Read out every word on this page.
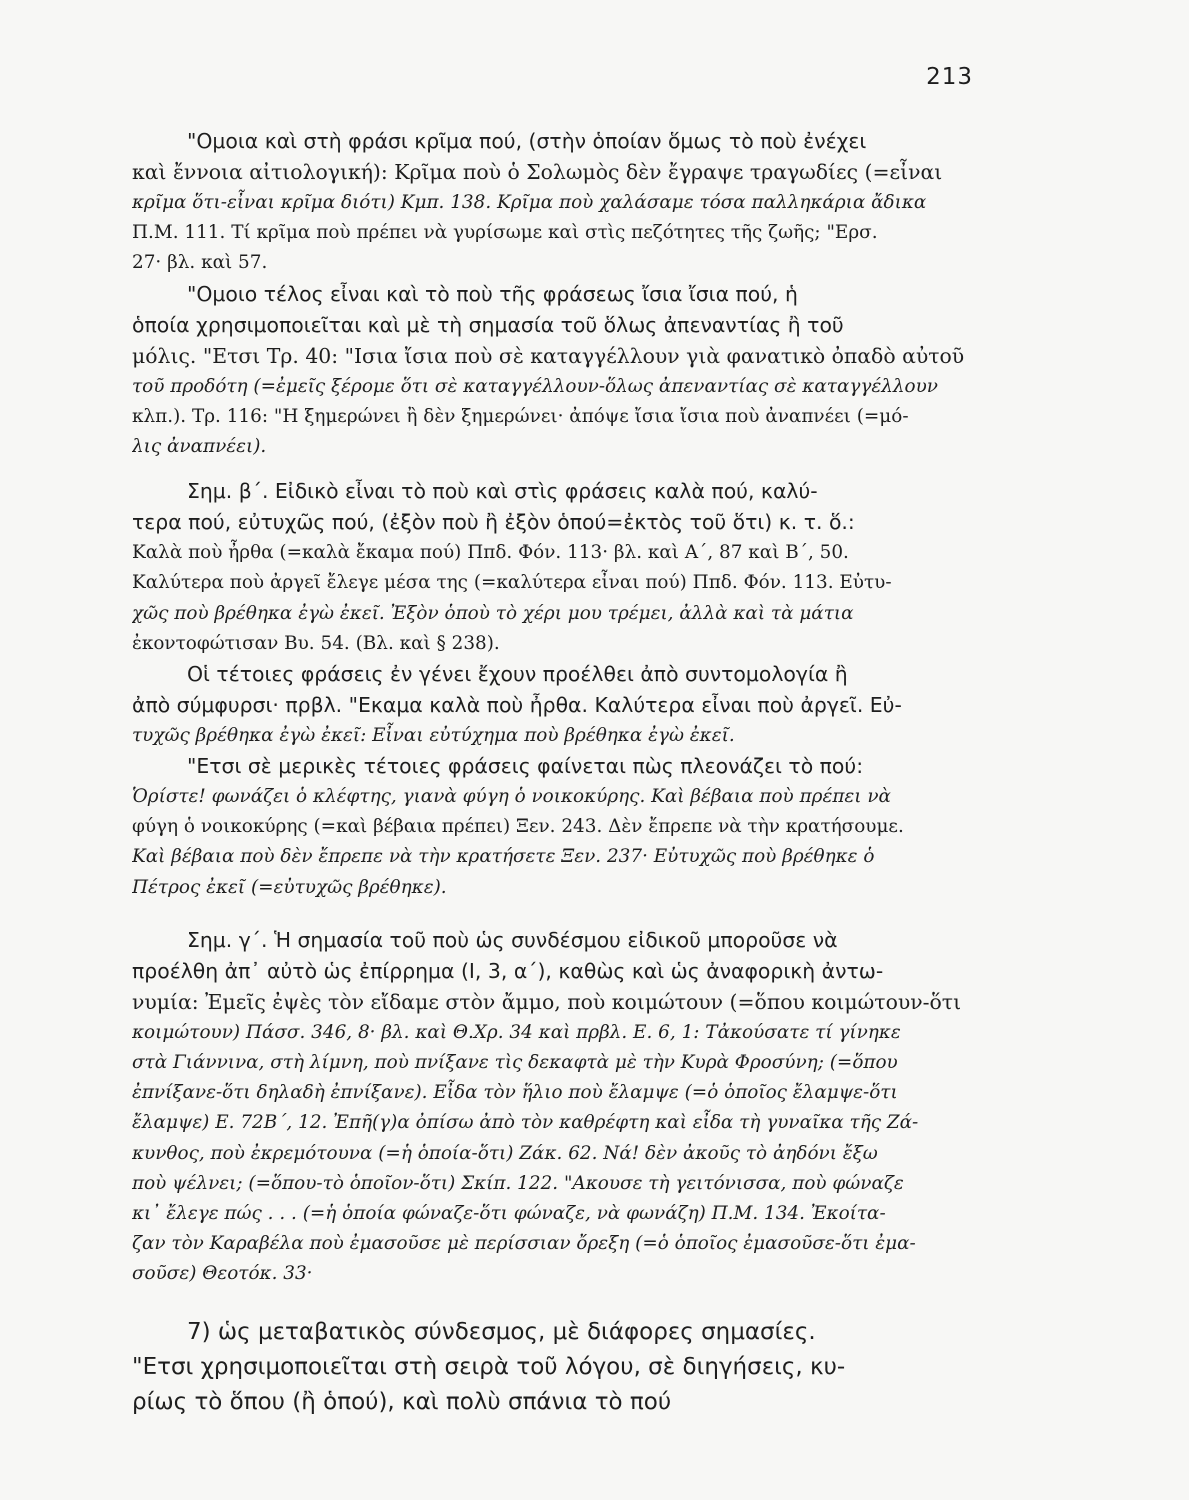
213
"Ομοια καὶ στὴ φράσι κρῖμα πού, (στὴν ὁποίαν ὅμως τὸ ποὺ ἐνέχει
καὶ ἔννοια αἰτιολογική): Κρῖμα ποὺ ὁ Σολωμὸς δὲν ἔγραψε τραγωδίες (=εἶναι
κρῖμα ὅτι-εἶναι κρῖμα διότι) Κμπ. 138. Κρῖμα ποὺ χαλάσαμε τόσα παλληκάρια ἄδικα
Π.Μ. 111. Τί κρῖμα ποὺ πρέπει νὰ γυρίσωμε καὶ στὶς πεζότητες τῆς ζωῆς; "Ερσ.
27· βλ. καὶ 57.
"Ομοιο τέλος εἶναι καὶ τὸ ποὺ τῆς φράσεως ἴσια ἴσια πού, ἡ
ὁποία χρησιμοποιεῖται καὶ μὲ τὴ σημασία τοῦ ὅλως ἀπεναντίας ἢ τοῦ
μόλις. "Ετσι Τρ. 40: "Ισια ἴσια ποὺ σὲ καταγγέλλουν γιὰ φανατικὸ ὀπαδὸ αὐτοῦ
τοῦ προδότη (=ἐμεῖς ξέρομε ὅτι σὲ καταγγέλλουν-ὅλως ἀπεναντίας σὲ καταγγέλλουν
κλπ.). Τρ. 116: "Η ξημερώνει ἢ δὲν ξημερώνει· ἀπόψε ἴσια ἴσια ποὺ ἀναπνέει (=μό-
λις ἀναπνέει).
Σημ. β΄. Εἰδικὸ εἶναι τὸ ποὺ καὶ στὶς φράσεις καλὰ πού, καλύ-
τερα πού, εὐτυχῶς πού, (ἐξὸν ποὺ ἢ ἐξὸν ὁπού=ἐκτὸς τοῦ ὅτι) κ. τ. ὅ.:
Καλὰ ποὺ ἦρθα (=καλὰ ἔκαμα πού) Ππδ. Φόν. 113· βλ. καὶ Α΄, 87 καὶ Β΄, 50.
Καλύτερα ποὺ ἀργεῖ ἔλεγε μέσα της (=καλύτερα εἶναι πού) Ππδ. Φόν. 113. Εὐτυ-
χῶς ποὺ βρέθηκα ἐγὼ ἐκεῖ. Ἐξὸν ὁποὺ τὸ χέρι μου τρέμει, ἀλλὰ καὶ τὰ μάτια
ἐκοντοφώτισαν Βυ. 54. (Βλ. καὶ § 238).
Οἱ τέτοιες φράσεις ἐν γένει ἔχουν προέλθει ἀπὸ συντομολογία ἢ
ἀπὸ σύμφυρσι· πρβλ. "Εκαμα καλὰ ποὺ ἦρθα. Καλύτερα εἶναι ποὺ ἀργεῖ. Εὐ-
τυχῶς βρέθηκα ἐγὼ ἐκεῖ: Εἶναι εὐτύχημα ποὺ βρέθηκα ἐγὼ ἐκεῖ.
"Ετσι σὲ μερικὲς τέτοιες φράσεις φαίνεται πὼς πλεονάζει τὸ πού:
Ὁρίστε! φωνάζει ὁ κλέφτης, γιανὰ φύγη ὁ νοικοκύρης. Καὶ βέβαια ποὺ πρέπει νὰ
φύγη ὁ νοικοκύρης (=καὶ βέβαια πρέπει) Ξεν. 243. Δὲν ἔπρεπε νὰ τὴν κρατήσουμε.
Καὶ βέβαια ποὺ δὲν ἔπρεπε νὰ τὴν κρατήσετε Ξεν. 237· Εὐτυχῶς ποὺ βρέθηκε ὁ
Πέτρος ἐκεῖ (=εὐτυχῶς βρέθηκε).
Σημ. γ΄. Ἡ σημασία τοῦ ποὺ ὡς συνδέσμου εἰδικοῦ μποροῦσε νὰ
προέλθη ἀπ᾿ αὐτὸ ὡς ἐπίρρημα (Ι, 3, α΄), καθὼς καὶ ὡς ἀναφορικὴ ἀντω-
νυμία: Ἐμεῖς ἐψὲς τὸν εἴδαμε στὸν ἄμμο, ποὺ κοιμώτουν (=ὅπου κοιμώτουν-ὅτι
κοιμώτουν) Πάσσ. 346, 8· βλ. καὶ Θ.Χρ. 34 καὶ πρβλ. Ε. 6, 1: Τἀκούσατε τί γίνηκε
στὰ Γιάννινα, στὴ λίμνη, ποὺ πνίξανε τὶς δεκαφτὰ μὲ τὴν Κυρὰ Φροσύνη; (=ὅπου
ἐπνίξανε-ὅτι δηλαδὴ ἐπνίξανε). Εἶδα τὸν ἥλιο ποὺ ἔλαμψε (=ὁ ὁποῖος ἔλαμψε-ὅτι
ἔλαμψε) Ε. 72Β΄, 12. Ἐπῆ(γ)α ὀπίσω ἀπὸ τὸν καθρέφτη καὶ εἶδα τὴ γυναῖκα τῆς Ζά-
κυνθος, ποὺ ἐκρεμότουνα (=ἡ ὁποία-ὅτι) Ζάκ. 62. Νά! δὲν ἀκοῦς τὸ ἀηδόνι ἔξω
ποὺ ψέλνει; (=ὅπου-τὸ ὁποῖον-ὅτι) Σκίπ. 122. "Ακουσε τὴ γειτόνισσα, ποὺ φώναζε
κι᾿ ἔλεγε πώς . . . (=ἡ ὁποία φώναζε-ὅτι φώναζε, νὰ φωνάζη) Π.Μ. 134. Ἐκοίτα-
ζαν τὸν Καραβέλα ποὺ ἐμασοῦσε μὲ περίσσιαν ὄρεξη (=ὁ ὁποῖος ἐμασοῦσε-ὅτι ἐμα-
σοῦσε) Θεοτόκ. 33·
7) ὡς μεταβατικὸς σύνδεσμος, μὲ διάφορες σημασίες.
"Ετσι χρησιμοποιεῖται στὴ σειρὰ τοῦ λόγου, σὲ διηγήσεις, κυ-
ρίως τὸ ὅπου (ἢ ὁπού), καὶ πολὺ σπάνια τὸ πού
